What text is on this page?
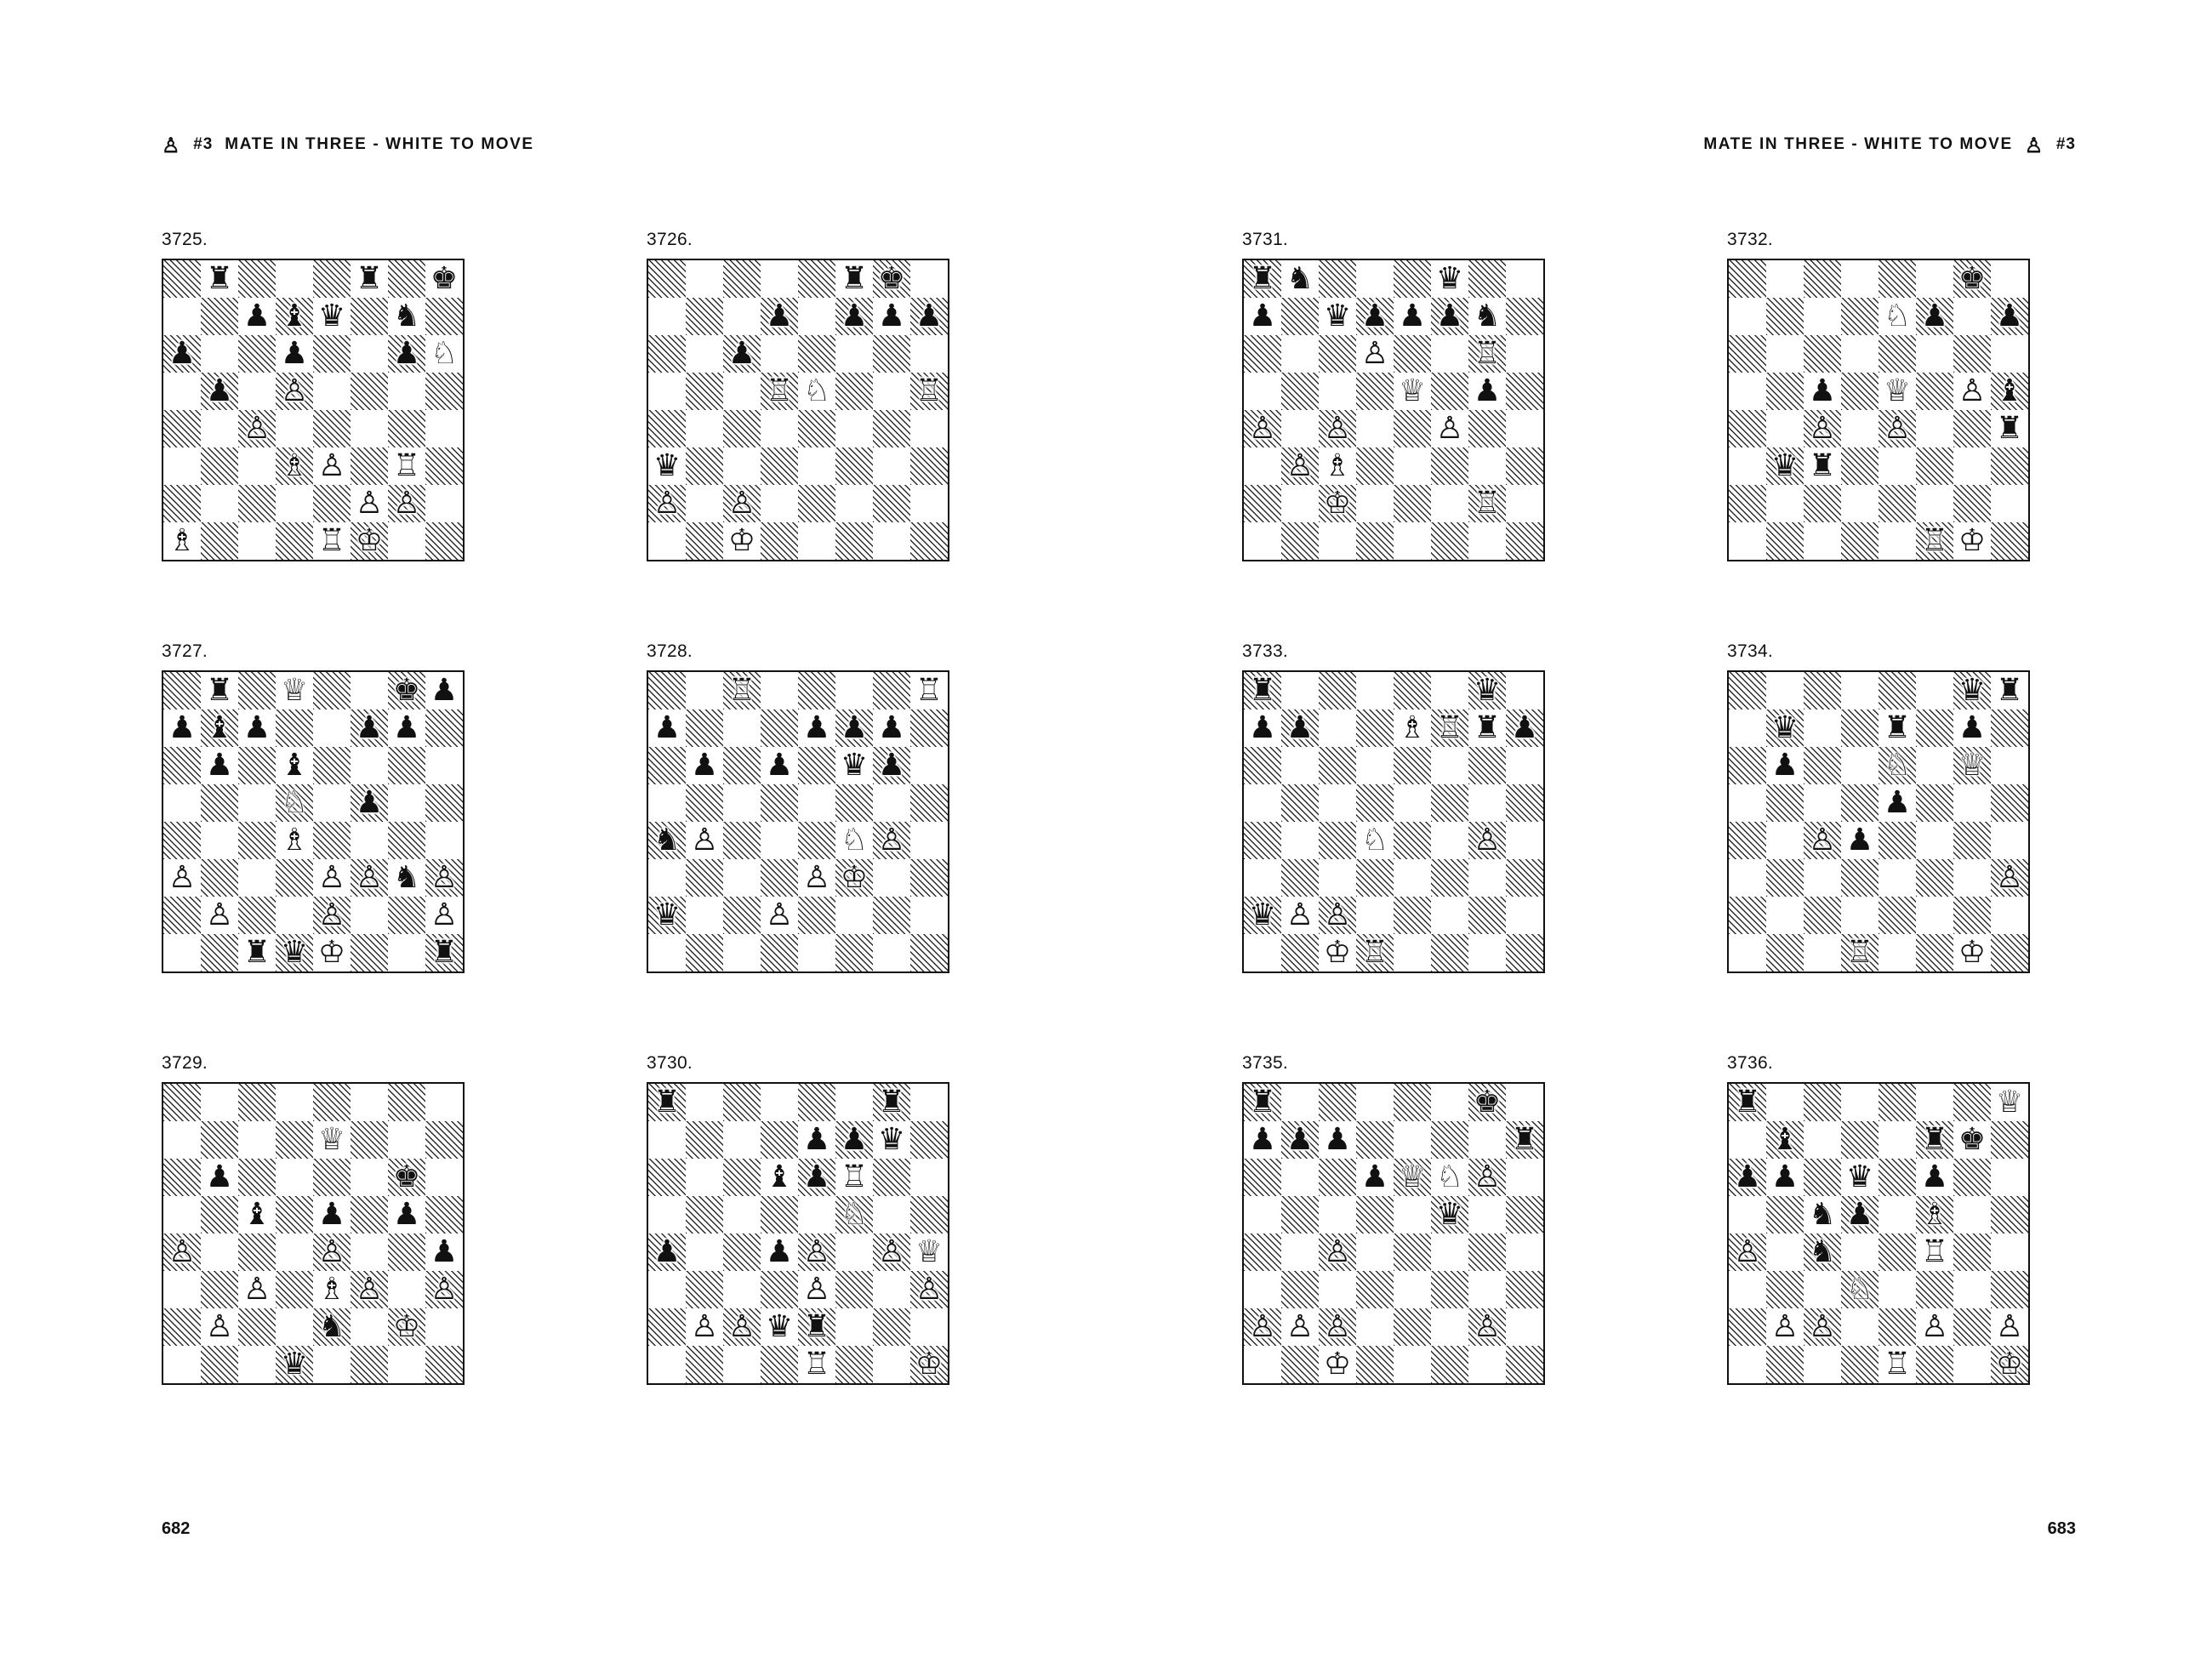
♙ #3 MATE IN THREE - WHITE TO MOVE
3725.
♜	♜ ♚
♟ ♝ ♛ ♞
♟	♟	♟ ♘
♟ ♙
♙
♗ ♙ ♖
♙ ♙
♗	♖ ♔
3726.
♜ ♚
♟ ♟ ♟ ♟
♟
♖ ♘	♖
♛
♙ ♙
♔
3727.
♜ ♕	♚ ♟
♟ ♝ ♟	♟ ♟
♟ ♝
♘ ♟
♗
♙	♙ ♙ ♞ ♙
♙	♙	♙
♜ ♛ ♔	♜
3728.
♖	♖
♟	♟ ♟ ♟
♟ ♟ ♛ ♟
♞ ♙	♘ ♙
♙ ♔
♛	♙
3729.
♕
♟	♚
♝ ♟ ♟
♙	♙	♟
♙ ♗ ♙ ♙
♙	♞ ♔
♛
3730.
♜	♜
♟ ♟ ♛
♝ ♟ ♖
♘
♟	♟ ♙ ♙ ♕
♙	♙
♙ ♙ ♛ ♜
♖	♔
682
MATE IN THREE - WHITE TO MOVE ♙ #3
3731.
♜ ♞	♛
♟ ♛ ♟ ♟ ♟ ♞
♙	♖
♕ ♟
♙ ♙	♙
♙ ♗
♔	♖
3732.
♚
♘ ♟ ♟
♟ ♕ ♙ ♝
♙ ♙	♜
♛ ♜
♖ ♔
3733.
♜	♛
♟ ♟	♗ ♖ ♜ ♟
♘	♙
♛ ♙ ♙
♔ ♖
3734.
♛ ♜
♛	♜ ♟
♟	♘ ♕
♟
♙ ♟
♙
♖	♔
3735.
♜	♚
♟ ♟ ♟	♜
♟ ♕ ♘ ♙
♛
♙
♙ ♙ ♙	♙
♔
3736.
♜	♕
♝	♜ ♚
♟ ♟ ♛ ♟
♞ ♟ ♗
♙ ♞	♖
♘
♙ ♙	♙ ♙
♖	♔
683
